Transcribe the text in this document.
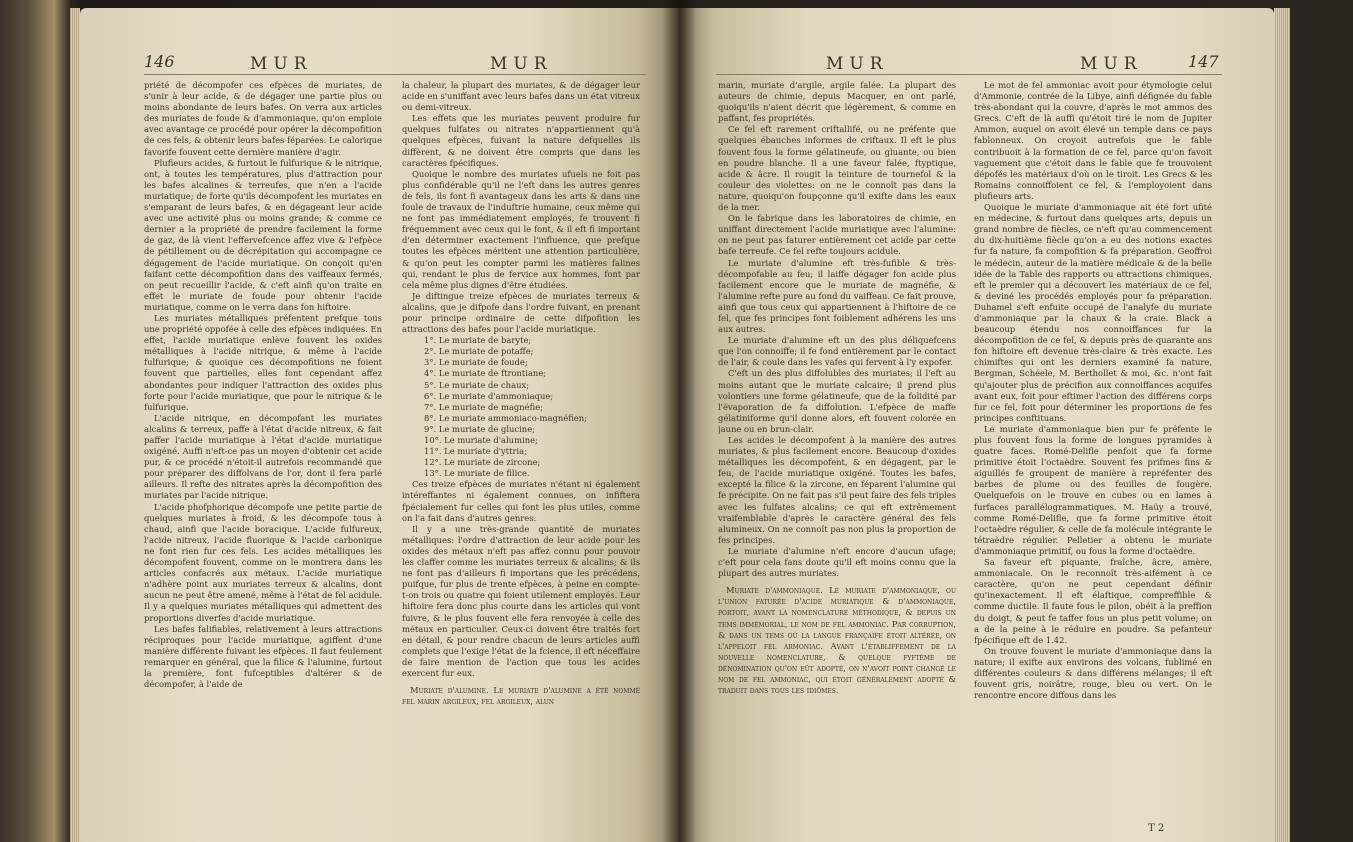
146	MUR	MUR

priété de décompofer ces efpèces de muriates, de s'unir à leur acide, & de dégager une partie plus ou moins abondante de leurs bafes. On verra aux articles des muriates de foude & d'ammoniaque, qu'on emploie avec avantage ce procédé pour opérer la décompofition de ces fels, & obtenir leurs bafes féparées. Le calorique favorife fouvent cette dernière manière d'agir.

Plufieurs acides, & furtout le fulfurique & le nitrique, ont, à toutes les températures, plus d'attraction pour les bafes alcalines & terreufes, que n'en a l'acide muriatique; de forte qu'ils décompofent les muriates en s'emparant de leurs bafes, & en dégageant leur acide avec une activité plus ou moins grande; & comme ce dernier a la propriété de prendre facilement la forme de gaz, de là vient l'effervefcence affez vive & l'efpèce de pétillement ou de décrépitation qui accompagne ce dégagement de l'acide muriatique. On conçoit qu'en faifant cette décompofition dans des vaiffeaux fermés, on peut recueillir l'acide, & c'eft ainfi qu'on traite en effet le muriate de foude pour obtenir l'acide muriatique, comme on le verra dans fon hiftoire.

Les muriates métalliques préfentent prefque tous une propriété oppofée à celle des efpèces indiquées. En effet, l'acide muriatique enlève fouvent les oxides métalliques à l'acide nitrique, & même à l'acide fulfurique; & quoique ces décompofitions ne foient fouvent que partielles, elles font cependant affez abondantes pour indiquer l'attraction des oxides plus forte pour l'acide muriatique, que pour le nitrique & le fulfurique.

L'acide nitrique, en décompofant les muriates alcalins & terreux, paffe à l'état d'acide nitreux, & fait paffer l'acide muriatique à l'état d'acide muriatique oxigéné. Auffi n'eft-ce pas un moyen d'obtenir cet acide pur, & ce procédé n'étoit-il autrefois recommandé que pour préparer des diffolvans de l'or, dont il fera parlé ailleurs. Il refte des nitrates après la décompofition des muriates par l'acide nitrique.

L'acide phofphorique décompofe une petite partie de quelques muriates à froid, & les décompofe tous à chaud, ainfi que l'acide boracique. L'acide fulfureux, l'acide nitreux, l'acide fluorique & l'acide carbonique ne font rien fur ces fels. Les acides métalliques les décompofent fouvent, comme on le montrera dans les articles confacrés aux métaux. L'acide muriatique n'adhère point aux muriates terreux & alcalins, dont aucun ne peut être amené, même à l'état de fel acidule. Il y a quelques muriates métalliques qui admettent des proportions diverfes d'acide muriatique.

Les bafes falifiables, relativement à leurs attractions réciproques pour l'acide muriatique, agiffent d'une manière différente fuivant les efpèces. Il faut feulement remarquer en général, que la filice & l'alumine, furtout la première, font fufceptibles d'altérer & de décompofer, à l'aide de

la chaleur, la plupart des muriates, & de dégager leur acide en s'uniffant avec leurs bafes dans un état vitreux ou demi-vitreux.

Les effets que les muriates peuvent produire fur quelques fulfates ou nitrates n'appartiennent qu'à quelques efpèces, fuivant la nature defquelles ils diffèrent, & ne doivent être compris que dans les caractères fpécifiques.

Quoique le nombre des muriates ufuels ne foit pas plus confidérable qu'il ne l'eft dans les autres genres de fels, ils font fi avantageux dans les arts & dans une foule de travaux de l'induftrie humaine, ceux même qui ne font pas immédiatement employés, fe trouvent fi fréquemment avec ceux qui le font, & il eft fi important d'en déterminer exactement l'influence, que prefque toutes les efpèces méritent une attention particulière, & qu'on peut les compter parmi les matières falines qui, rendant le plus de fervice aux hommes, font par cela même plus dignes d'être étudiées.

Je diftingue treize efpèces de muriates terreux & alcalins, que je difpofe dans l'ordre fuivant, en prenant pour principe ordinaire de cette difpofition les attractions des bafes pour l'acide muriatique.

1°. Le muriate de baryte;

2°. Le muriate de potaffe;

3°. Le muriate de foude;

4°. Le muriate de ftrontiane;

5°. Le muriate de chaux;

6°. Le muriate d'ammoniaque;

7°. Le muriate de magnéfie;

8°. Le muriate ammoniaco-magnéfien;

9°. Le muriate de glucine;

10°. Le muriate d'alumine;

11°. Le muriate d'yttria;

12°. Le muriate de zircone;

13°. Le muriate de filice.

Ces treize efpèces de muriates n'étant ni également intéreffantes ni également connues, on infiftera fpécialement fur celles qui font les plus utiles, comme on l'a fait dans d'autres genres.

Il y a une très-grande quantité de muriates métalliques: l'ordre d'attraction de leur acide pour les oxides des métaux n'eft pas affez connu pour pouvoir les claffer comme les muriates terreux & alcalins; & ils ne font pas d'ailleurs fi importans que les précédens, puifque, fur plus de trente efpèces, à peine en compte-t-on trois ou quatre qui foient utilement employés. Leur hiftoire fera donc plus courte dans les articles qui vont fuivre, & le plus fouvent elle fera renvoyée à celle des métaux en particulier. Ceux-ci doivent être traités fort en détail, & pour rendre chacun de leurs articles auffi complets que l'exige l'état de la fcience, il eft néceffaire de faire mention de l'action que tous les acides exercent fur eux.

Muriate d'alumine. Le muriate d'alumine a été nommé fel marin argileux, fel argileux, alun

MUR	MUR	147

marin, muriate d'argile, argile falée. La plupart des auteurs de chimie, depuis Macquer, en ont parlé, quoiqu'ils n'aient décrit que légèrement, & comme en paffant, fes propriétés.

Ce fel eft rarement criftallifé, ou ne préfente que quelques ébauches informes de criftaux. Il eft le plus fouvent fous la forme gélatineufe, ou gluante, ou bien en poudre blanche. Il a une faveur falée, ftyptique, acide & âcre. Il rougit la teinture de tournefol & la couleur des violettes: on ne le connoît pas dans la nature, quoiqu'on foupçonne qu'il exifte dans les eaux de la mer.

On le fabrique dans les laboratoires de chimie, en uniffant directement l'acide muriatique avec l'alumine: on ne peut pas faturer entièrement cet acide par cette bafe terreufe. Ce fel refte toujours acidule.

Le muriate d'alumine eft très-fufible & très-décompofable au feu; il laiffe dégager fon acide plus facilement encore que le muriate de magnéfie, & l'alumine refte pure au fond du vaiffeau. Ce fait prouve, ainfi que tous ceux qui appartiennent à l'hiftoire de ce fel, que fes principes font foiblement adhérens les uns aux autres.

Le muriate d'alumine eft un des plus déliquefcens que l'on connoiffe; il fe fond entièrement par le contact de l'air, & coule dans les vafes qui fervent à l'y expofer.

C'eft un des plus diffolubles des muriates; il l'eft au moins autant que le muriate calcaire; il prend plus volontiers une forme gélatineufe, que de la folidité par l'évaporation de fa diffolution. L'efpèce de maffe gélatiniforme qu'il donne alors, eft fouvent colorée en jaune ou en brun-clair.

Les acides le décompofent à la manière des autres muriates, & plus facilement encore. Beaucoup d'oxides métalliques les décompofent, & en dégagent, par le feu, de l'acide muriatique oxigéné. Toutes les bafes, excepté la filice & la zircone, en féparent l'alumine qui fe précipite. On ne fait pas s'il peut faire des fels triples avec les fulfates alcalins; ce qui eft extrêmement vraifemblable d'après le caractère général des fels alumineux. On ne connoît pas non plus la proportion de fes principes.

Le muriate d'alumine n'eft encore d'aucun ufage; c'eft pour cela fans doute qu'il eft moins connu que la plupart des autres muriates.

Muriate d'ammoniaque. Le muriate d'ammoniaque, ou l'union faturée d'acide muriatique & d'ammoniaque, portoit, avant la nomenclature méthodique, & depuis un tems immémorial, le nom de fel ammoniac. Par corruption, & dans un tems où la langue françaife étoit altérée, on l'appeloit fel armoniac. Avant l'établiffement de la nouvelle nomenclature, & quelque fyftème de dénomination qu'on eût adopté, on n'avoit point changé le nom de fel ammoniac, qui étoit généralement adopté & traduit dans tous les idiômes.

Le mot de fel ammoniac avoit pour étymologie celui d'Ammonie, contrée de la Libye, ainfi défignée du fable très-abondant qui la couvre, d'après le mot ammos des Grecs. C'eft de là auffi qu'étoit tiré le nom de Jupiter Ammon, auquel on avoit élevé un temple dans ce pays fablonneux. On croyoit autrefois que le fable contribuoit à la formation de ce fel, parce qu'on favoit vaguement que c'étoit dans le fable que fe trouvoient dépofés les matériaux d'où on le tiroit. Les Grecs & les Romains connoiffoient ce fel, & l'employoient dans plufieurs arts.

Quoique le muriate d'ammoniaque ait été fort ufité en médecine, & furtout dans quelques arts, depuis un grand nombre de fiècles, ce n'eft qu'au commencement du dix-huitième fiècle qu'on a eu des notions exactes fur fa nature, fa compofition & fa préparation. Geoffroi le médecin, auteur de la matière médicale & de la belle idée de la Table des rapports ou attractions chimiques, eft le premier qui a découvert les matériaux de ce fel, & deviné les procédés employés pour fa préparation. Duhamel s'eft enfuite occupé de l'analyfe du muriate d'ammoniaque par la chaux & la craie. Black a beaucoup étendu nos connoiffances fur la décompofition de ce fel, & depuis près de quarante ans fon hiftoire eft devenue très-claire & très exacte. Les chimiftes qui ont les derniers examiné fa nature, Bergman, Schéele, M. Berthollet & moi, &c. n'ont fait qu'ajouter plus de précifion aux connoiffances acquifes avant eux, foit pour eftimer l'action des différens corps fur ce fel, foit pour déterminer les proportions de fes principes conftituans.

Le muriate d'ammoniaque bien pur fe préfente le plus fouvent fous la forme de longues pyramides à quatre faces. Romé-Delifle penfoit que fa forme primitive étoit l'octaèdre. Souvent fes prifmes fins & aiguillés fe groupent de manière à repréfenter des barbes de plume ou des feuilles de fougère. Quelquefois on le trouve en cubes ou en lames à furfaces parallélogrammatiques. M. Haüy a trouvé, comme Romé-Delifle, que fa forme primitive étoit l'octaèdre régulier, & celle de fa molécule intégrante le tétraèdre régulier. Pelletier a obtenu le muriate d'ammoniaque primitif, ou fous la forme d'octaèdre.

Sa faveur eft piquante, fraîche, âcre, amère, ammoniacale. On le reconnoît très-aifément à ce caractère, qu'on ne peut cependant définir qu'inexactement. Il eft élaftique, compreffible & comme ductile. Il faute fous le pilon, obéit à la preffion du doigt, & peut fe taffer fous un plus petit volume; on a de la peine à le réduire en poudre. Sa pefanteur fpécifique eft de 1.42.

On trouve fouvent le muriate d'ammoniaque dans la nature; il exifte aux environs des volcans, fublimé en différentes couleurs & dans différens mélanges; il eft fouvent gris, noirâtre, rouge, bleu ou vert. On le rencontre encore diffous dans les

T 2
